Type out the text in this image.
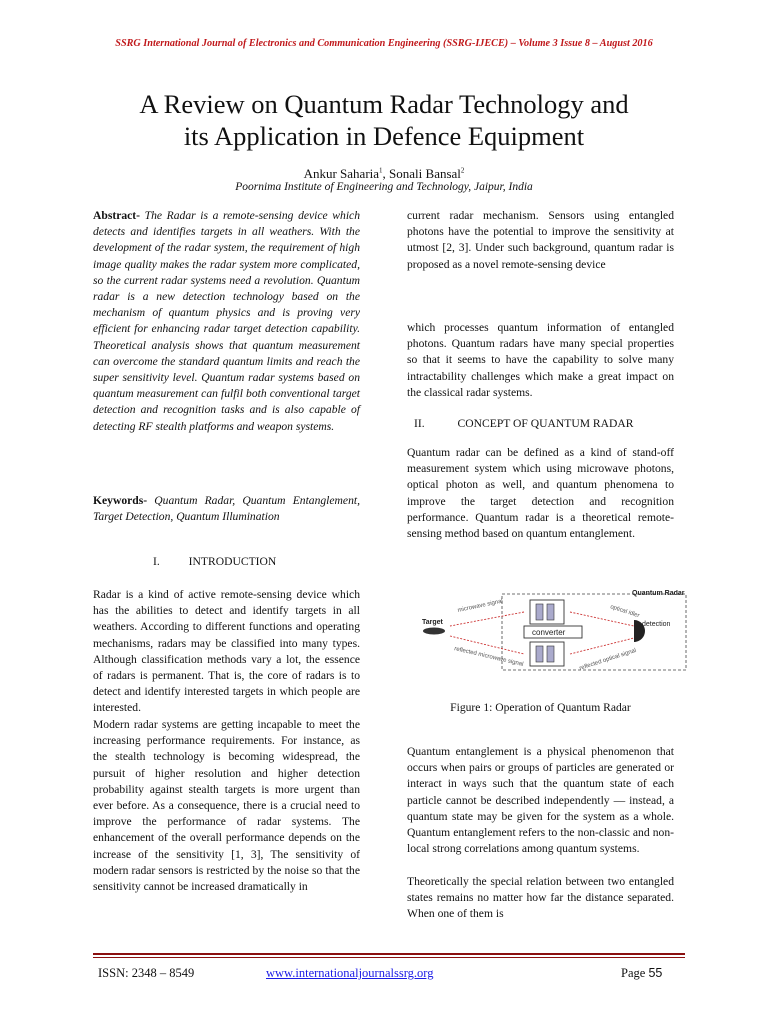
SSRG International Journal of Electronics and Communication Engineering (SSRG-IJECE) – Volume 3 Issue 8 – August 2016
A Review on Quantum Radar Technology and
its Application in Defence Equipment
Ankur Saharia$^1$, Sonali Bansal$^2$
Poornima Institute of Engineering and Technology, Jaipur, India

Abstract- The Radar is a remote-sensing device which detects and identifies targets in all weathers. With the development of the radar system, the requirement of high image quality makes the radar system more complicated, so the current radar systems need a revolution. Quantum radar is a new detection technology based on the mechanism of quantum physics and is proving very efficient for enhancing radar target detection capability. Theoretical analysis shows that quantum measurement can overcome the standard quantum limits and reach the super sensitivity level. Quantum radar systems based on quantum measurement can fulfil both conventional target detection and recognition tasks and is also capable of detecting RF stealth platforms and weapon systems.

Keywords- Quantum Radar, Quantum Entanglement, Target Detection, Quantum Illumination

I. INTRODUCTION

Radar is a kind of active remote-sensing device which has the abilities to detect and identify targets in all weathers. According to different functions and operating mechanisms, radars may be classified into many types. Although classification methods vary a lot, the essence of radars is permanent. That is, the core of radars is to detect and identify interested targets in which people are interested.

Modern radar systems are getting incapable to meet the increasing performance requirements. For instance, as the stealth technology is becoming widespread, the pursuit of higher resolution and higher detection probability against stealth targets is more urgent than ever before. As a consequence, there is a crucial need to improve the performance of radar systems. The enhancement of the overall performance depends on the increase of the sensitivity [1, 3], The sensitivity of modern radar sensors is restricted by the noise so that the sensitivity cannot be increased dramatically in

current radar mechanism. Sensors using entangled photons have the potential to improve the sensitivity at utmost [2, 3]. Under such background, quantum radar is proposed as a novel remote-sensing device

which processes quantum information of entangled photons. Quantum radars have many special properties so that it seems to have the capability to solve many intractability challenges which make a great impact on the classical radar systems.

II.	CONCEPT OF QUANTUM RADAR

Quantum radar can be defined as a kind of stand-off measurement system which using microwave photons, optical photon as well, and quantum phenomena to improve the target detection and recognition performance. Quantum radar is a theoretical remote-sensing method based on quantum entanglement.

Quantum Radar
Target
microwave signal
converter
optical idler
detection
reflected microwave signal	reflected optical signal
Figure 1: Operation of Quantum Radar

Quantum entanglement is a physical phenomenon that occurs when pairs or groups of particles are generated or interact in ways such that the quantum state of each particle cannot be described independently — instead, a quantum state may be given for the system as a whole. Quantum entanglement refers to the non-classic and non-local strong correlations among quantum systems.

Theoretically the special relation between two entangled states remains no matter how far the distance separated. When one of them is

ISSN: 2348 – 8549	www.internationaljournalssrg.org	Page 55
